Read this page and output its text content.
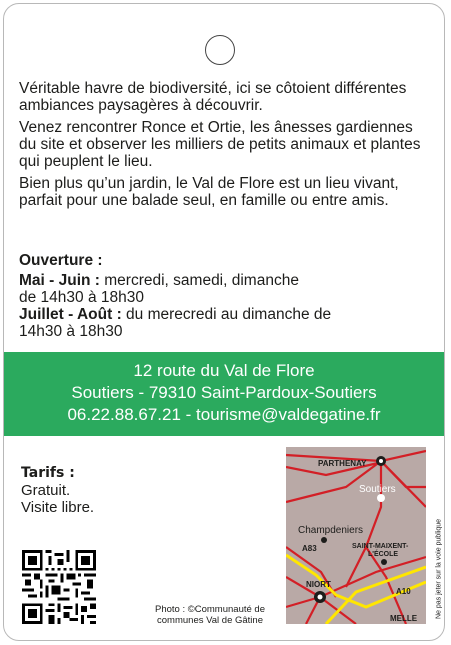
Véritable havre de biodiversité, ici se côtoient différentes ambiances paysagères à découvrir.

Venez rencontrer Ronce et Ortie, les ânesses gardiennes du site et observer les milliers de petits animaux et plantes qui peuplent le lieu.

Bien plus qu’un jardin, le Val de Flore est un lieu vivant, parfait pour une balade seul, en famille ou entre amis.

Ouverture :
Mai - Juin : mercredi, samedi, dimanche
de 14h30 à 18h30
Juillet - Août : du merecredi au dimanche de
14h30 à 18h30
12 route du Val de Flore
Soutiers - 79310 Saint-Pardoux-Soutiers
06.22.88.67.21 - tourisme@valdegatine.fr
Tarifs :
Gratuit.
Visite libre.
Photo : ©Communauté de communes Val de Gâtine
PARTHENAY
Soutiers
Champdeniers
A83	SAINT-MAIXENT-
L'ÉCOLE
NIORT
A10
MELLE	Ne pas jeter sur la voie publique
